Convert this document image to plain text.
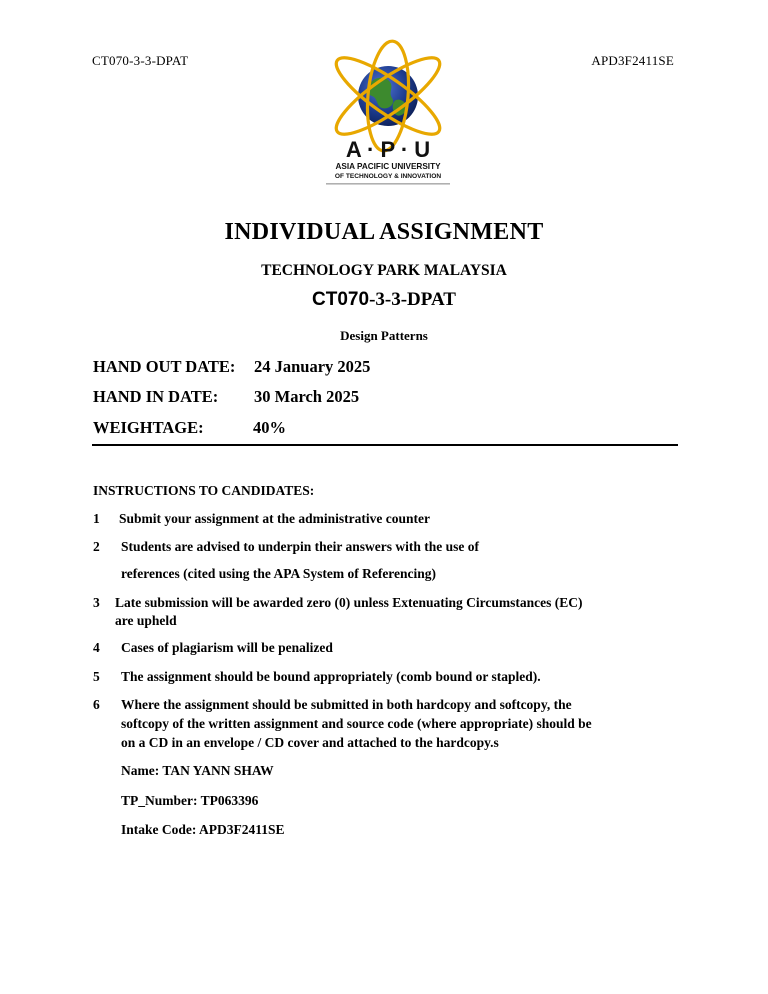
CT070-3-3-DPAT	APD3F2411SE
A · P · U
ASIA PACIFIC UNIVERSITY
OF TECHNOLOGY & INNOVATION
INDIVIDUAL ASSIGNMENT
TECHNOLOGY PARK MALAYSIA
CT070-3-3-DPAT
Design Patterns
HAND OUT DATE: 24 January 2025
HAND IN DATE: 30 March 2025
WEIGHTAGE:	40%
INSTRUCTIONS TO CANDIDATES:
1 Submit your assignment at the administrative counter
2 Students are advised to underpin their answers with the use of
references (cited using the APA System of Referencing)
3 Late submission will be awarded zero (0) unless Extenuating Circumstances (EC)
are upheld
4 Cases of plagiarism will be penalized
5 The assignment should be bound appropriately (comb bound or stapled).
6 Where the assignment should be submitted in both hardcopy and softcopy, the
softcopy of the written assignment and source code (where appropriate) should be
on a CD in an envelope / CD cover and attached to the hardcopy.s
Name: TAN YANN SHAW
TP_Number: TP063396
Intake Code: APD3F2411SE
